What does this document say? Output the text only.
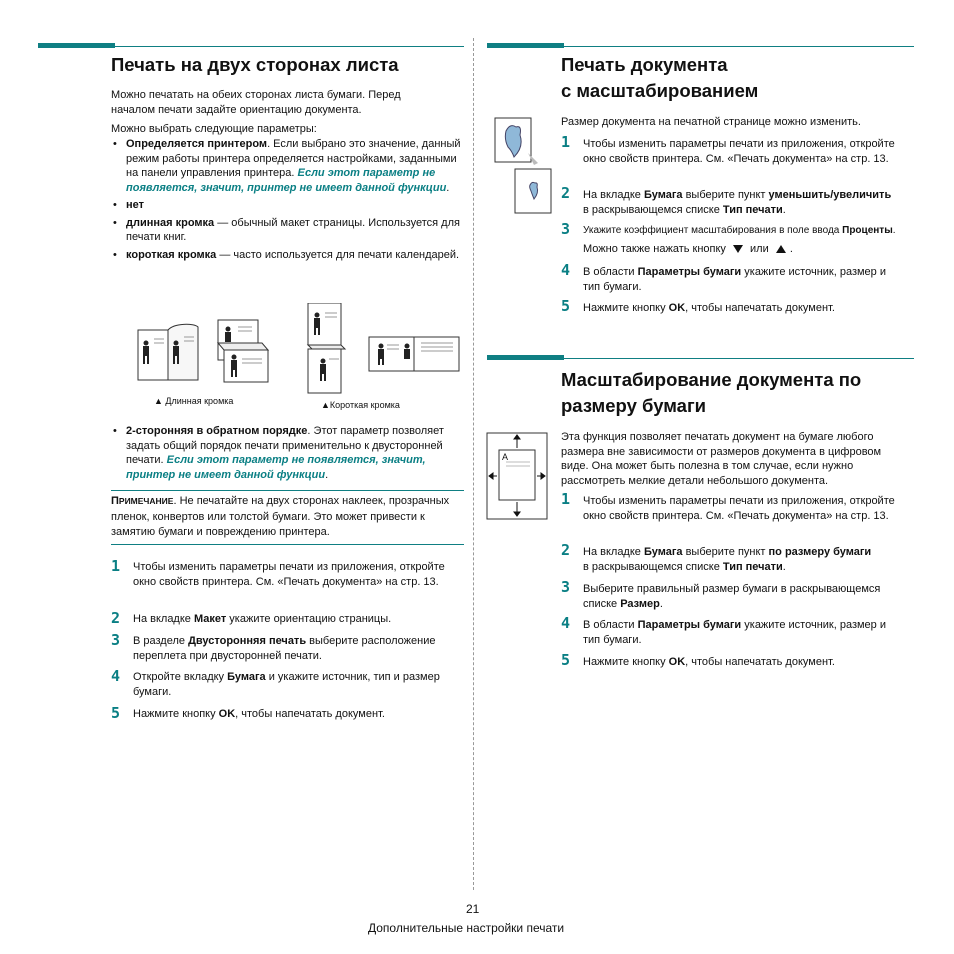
Печать на двух сторонах листа
Можно печатать на обеих сторонах листа бумаги. Перед началом печати задайте ориентацию документа.
Можно выбрать следующие параметры:
• Определяется принтером. Если выбрано это значение, данный режим работы принтера определяется настройками, заданными на панели управления принтера. Если этот параметр не появляется, значит, принтер не имеет данной функции.
• нет
• длинная кромка — обычный макет страницы. Используется для печати книг.
• короткая кромка — часто используется для печати календарей.
▲ Длинная кромка	▲Короткая кромка
• 2-сторонняя в обратном порядке. Этот параметр позволяет задать общий порядок печати применительно к двусторонней печати. Если этот параметр не появляется, значит, принтер не имеет данной функции.
ПРИМЕЧАНИЕ. Не печатайте на двух сторонах наклеек, прозрачных пленок, конвертов или толстой бумаги. Это может привести к замятию бумаги и повреждению принтера.
1 Чтобы изменить параметры печати из приложения, откройте окно свойств принтера. См. «Печать документа» на стр. 13.
2 На вкладке Макет укажите ориентацию страницы.
3 В разделе Двусторонняя печать выберите расположение переплета при двусторонней печати.
4 Откройте вкладку Бумага и укажите источник, тип и размер бумаги.
5 Нажмите кнопку OK, чтобы напечатать документ.
Печать документа
с масштабированием
Размер документа на печатной странице можно изменить.
1 Чтобы изменить параметры печати из приложения, откройте окно свойств принтера. См. «Печать документа» на стр. 13.
2 На вкладке Бумага выберите пункт уменьшить/увеличить
в раскрывающемся списке Тип печати.
3 Укажите коэффициент масштабирования в поле ввода Проценты.
Можно также нажать кнопку  или .
4 В области Параметры бумаги укажите источник, размер и тип бумаги.
5 Нажмите кнопку OK, чтобы напечатать документ.
Масштабирование документа по
размеру бумаги
A
Эта функция позволяет печатать документ на бумаге любого размера вне зависимости от размеров документа в цифровом виде. Она может быть полезна в том случае, если нужно рассмотреть мелкие детали небольшого документа.
1 Чтобы изменить параметры печати из приложения, откройте окно свойств принтера. См. «Печать документа» на стр. 13.
2 На вкладке Бумага выберите пункт по размеру бумаги
в раскрывающемся списке Тип печати.
3 Выберите правильный размер бумаги в раскрывающемся списке Размер.
4 В области Параметры бумаги укажите источник, размер и тип бумаги.
5 Нажмите кнопку OK, чтобы напечатать документ.
21
Дополнительные настройки печати
